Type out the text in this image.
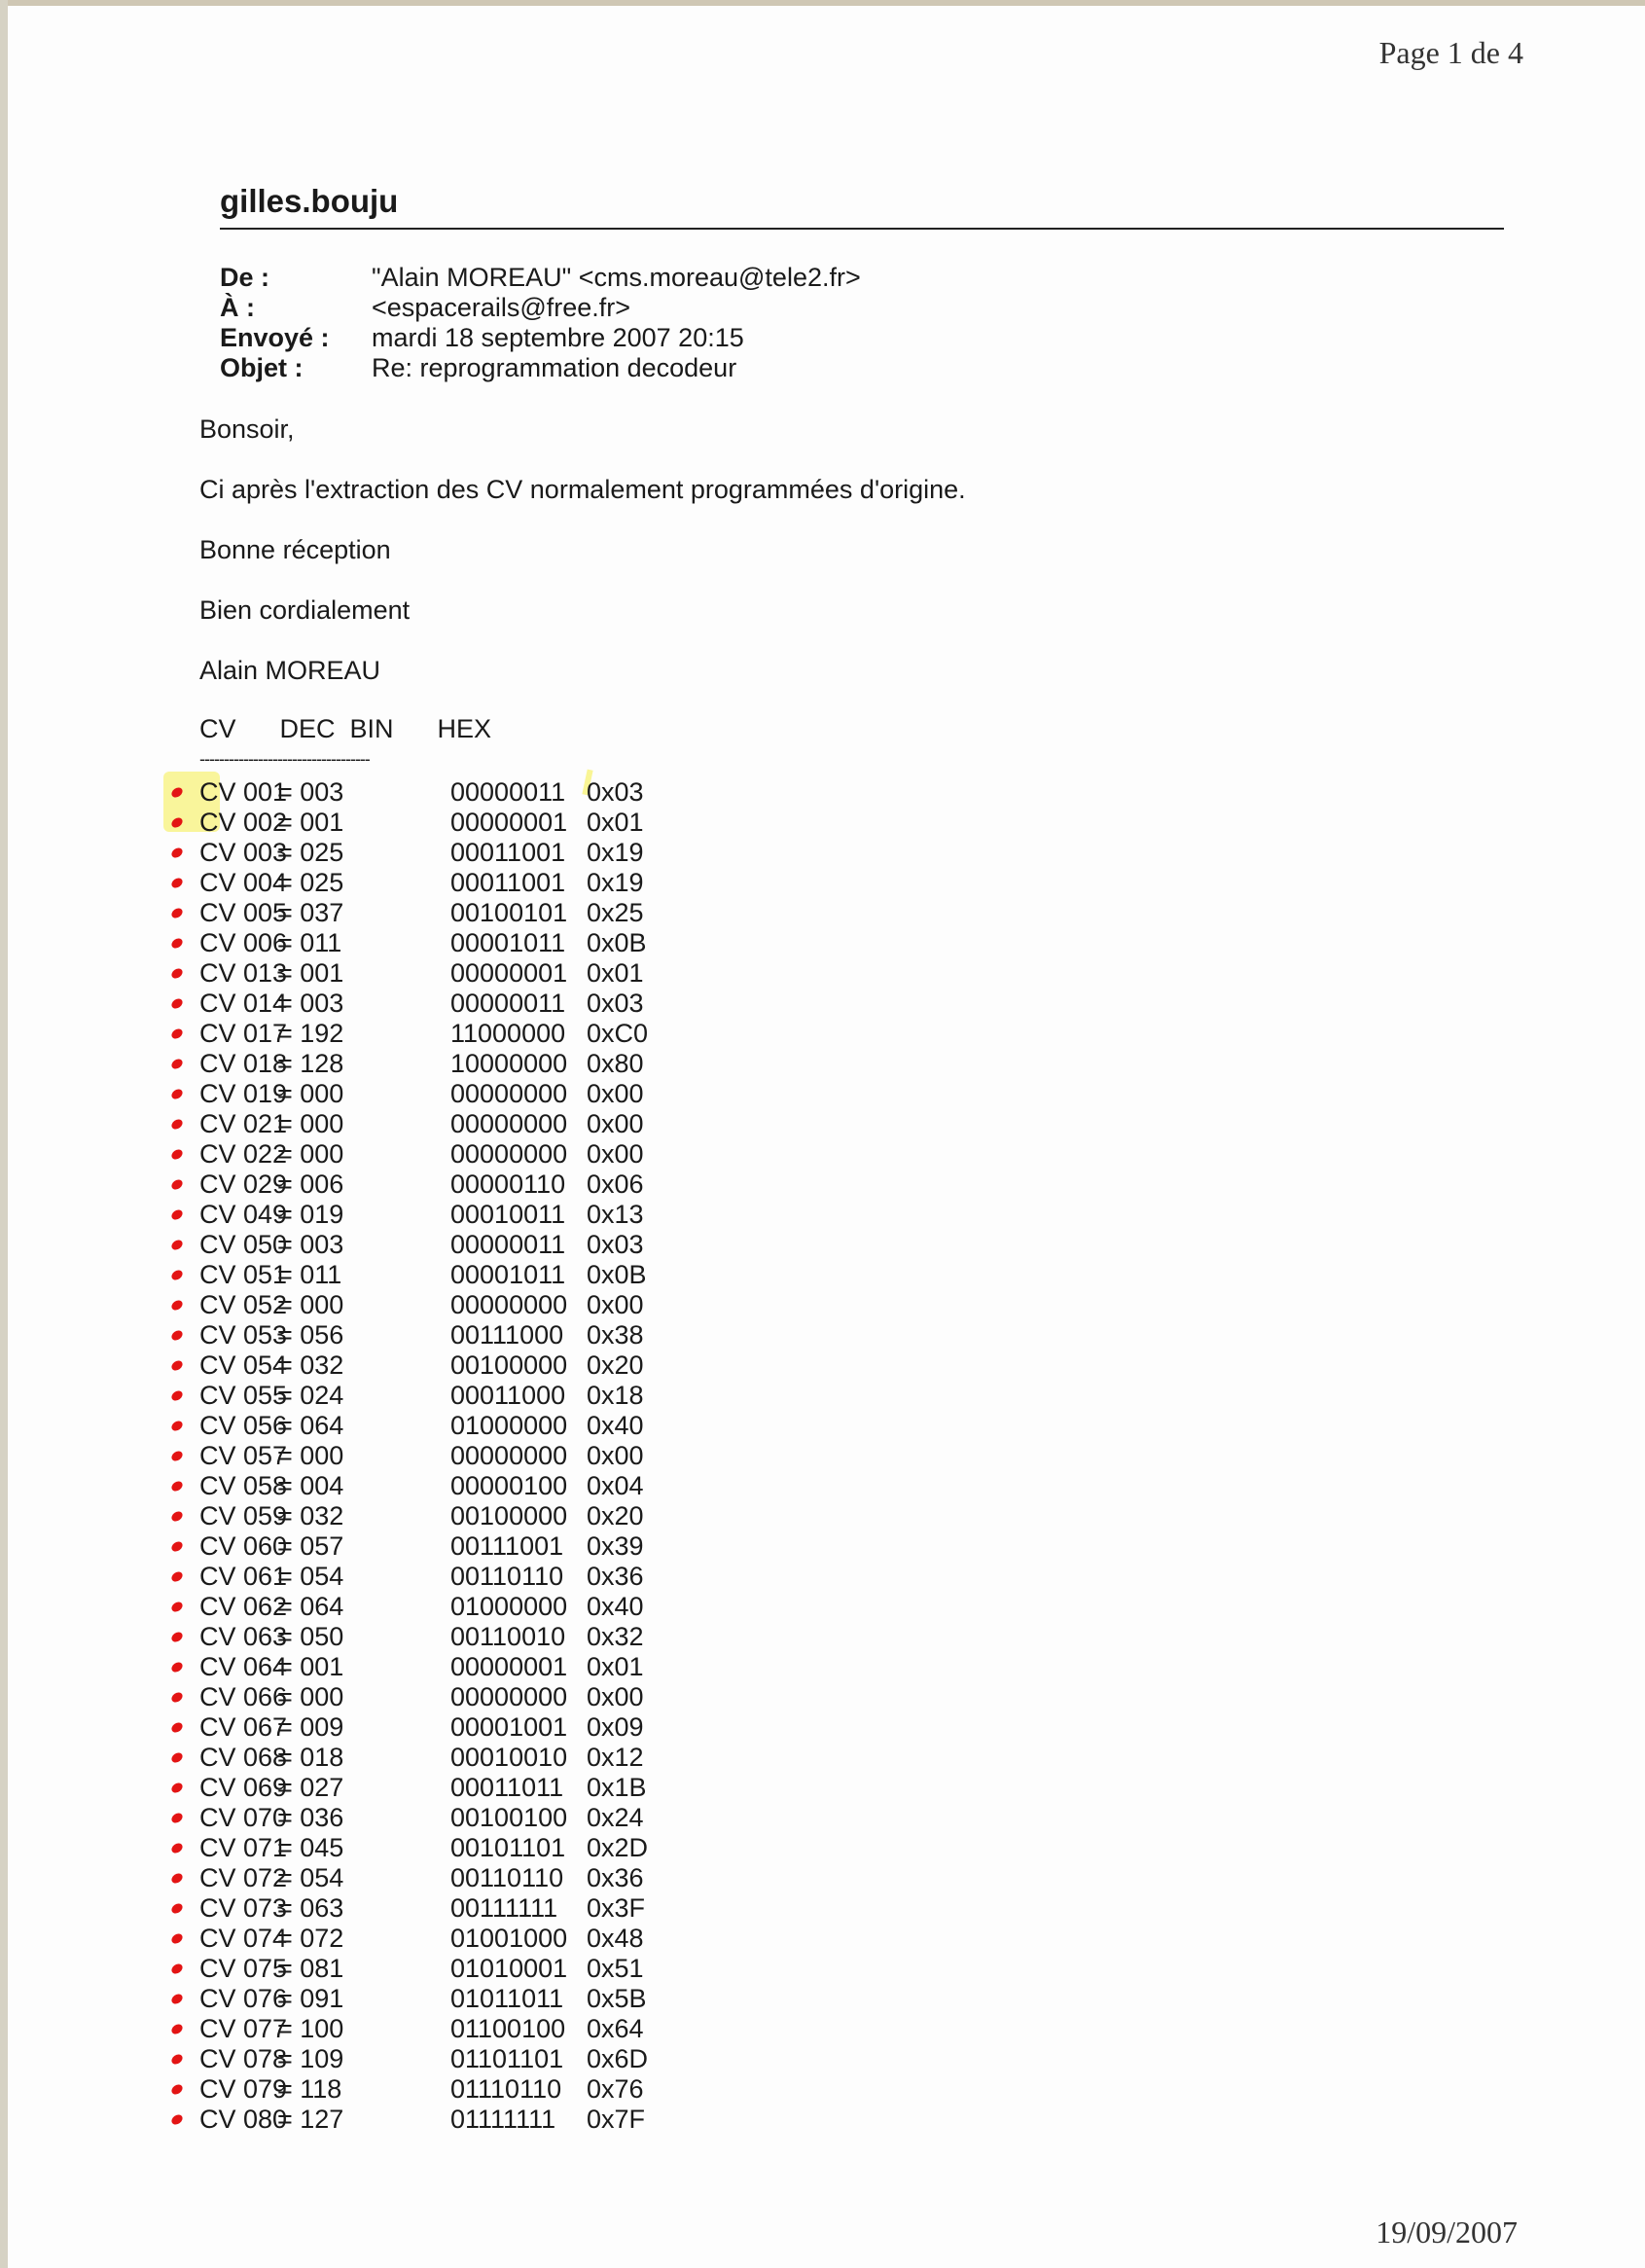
Page 1 de 4
gilles.bouju
De :	"Alain MOREAU" <cms.moreau@tele2.fr>
À :	<espacerails@free.fr>
Envoyé :	mardi 18 septembre 2007 20:15
Objet :	Re: reprogrammation decodeur
Bonsoir,
Ci après l'extraction des CV normalement programmées d'origine.
Bonne réception
Bien cordialement
Alain MOREAU
CV      DEC  BIN      HEX
-----------------------------------
CV 001= 003	00000011 0x03
CV 002= 001	00000001 0x01
CV 003= 025	00011001 0x19
CV 004= 025	00011001 0x19
CV 005= 037	00100101 0x25
CV 006= 011	00001011 0x0B
CV 013= 001	00000001 0x01
CV 014= 003	00000011 0x03
CV 017= 192	11000000 0xC0
CV 018= 128	10000000 0x80
CV 019= 000	00000000 0x00
CV 021= 000	00000000 0x00
CV 022= 000	00000000 0x00
CV 029= 006	00000110 0x06
CV 049= 019	00010011 0x13
CV 050= 003	00000011 0x03
CV 051= 011	00001011 0x0B
CV 052= 000	00000000 0x00
CV 053= 056	00111000 0x38
CV 054= 032	00100000 0x20
CV 055= 024	00011000 0x18
CV 056= 064	01000000 0x40
CV 057= 000	00000000 0x00
CV 058= 004	00000100 0x04
CV 059= 032	00100000 0x20
CV 060= 057	00111001 0x39
CV 061= 054	00110110 0x36
CV 062= 064	01000000 0x40
CV 063= 050	00110010 0x32
CV 064= 001	00000001 0x01
CV 066= 000	00000000 0x00
CV 067= 009	00001001 0x09
CV 068= 018	00010010 0x12
CV 069= 027	00011011 0x1B
CV 070= 036	00100100 0x24
CV 071= 045	00101101 0x2D
CV 072= 054	00110110 0x36
CV 073= 063	00111111 0x3F
CV 074= 072	01001000 0x48
CV 075= 081	01010001 0x51
CV 076= 091	01011011 0x5B
CV 077= 100	01100100 0x64
CV 078= 109	01101101 0x6D
CV 079= 118	01110110 0x76
CV 080= 127	01111111 0x7F
19/09/2007
